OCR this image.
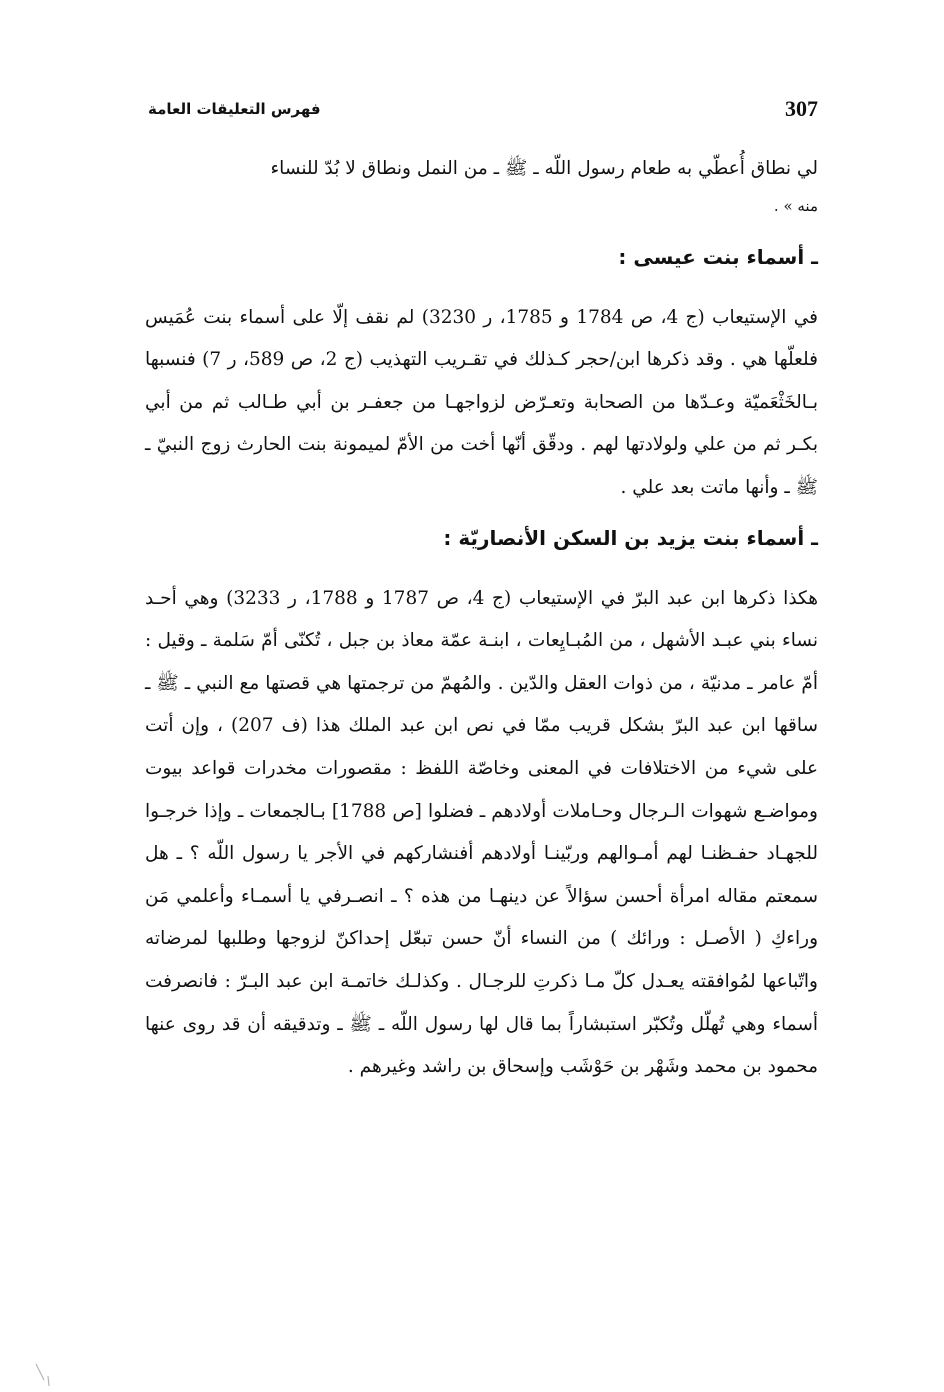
307
فهرس التعليقات العامة

لي نطاق أُعطّي به طعام رسول اللّه ـ ﷺ ـ من النمل ونطاق لا بُدّ للنساء

منه » .

ـ أسماء بنت عيسى :

في الإستيعاب (ج 4، ص 1784 و 1785، ر 3230) لم نقف إلّا على أسماء بنت عُمَيس فلعلّها هي . وقد ذكرها ابن/حجر كـذلك في تقـريب التهذيب (ج 2، ص 589، ر 7) فنسبها بـالخَثْعَميّة وعـدّها من الصحابة وتعـرّض لزواجهـا من جعفـر بن أبي طـالب ثم من أبي بكـر ثم من علي ولولادتها لهم . ودقّق أنّها أخت من الأمّ لميمونة بنت الحارث زوج النبيّ ـ ﷺ ـ وأنها ماتت بعد علي .

ـ أسماء بنت يزيد بن السكن الأنصاريّة :

هكذا ذكرها ابن عبد البرّ في الإستيعاب (ج 4، ص 1787 و 1788، ر 3233) وهي أحـد نساء بني عبـد الأشهل ، من المُبـايِعات ، ابنـة عمّة معاذ بن جبل ، تُكنّى أمّ سَلمة ـ وقيل : أمّ عامر ـ مدنيّة ، من ذوات العقل والدّين . والمُهمّ من ترجمتها هي قصتها مع النبي ـ ﷺ ـ ساقها ابن عبد البرّ بشكل قريب ممّا في نص ابن عبد الملك هذا (ف 207) ، وإن أتت على شيء من الاختلافات في المعنى وخاصّة اللفظ : مقصورات مخدرات قواعد بيوت ومواضـع شهوات الـرجال وحـاملات أولادهم ـ فضلوا [ص 1788] بـالجمعات ـ وإذا خرجـوا للجهـاد حفـظنـا لهم أمـوالهم وربّينـا أولادهم أفنشاركهم في الأجر يا رسول اللّه ؟ ـ هل سمعتم مقاله امرأة أحسن سؤالاً عن دينهـا من هذه ؟ ـ انصـرفي يا أسمـاء وأعلمي مَن وراءكِ ( الأصـل : ورائك ) من النساء أنّ حسن تبعّل إحداكنّ لزوجها وطلبها لمرضاته واتّباعها لمُوافقته يعـدل كلّ مـا ذكرتِ للرجـال . وكذلـك خاتمـة ابن عبد البـرّ : فانصرفت أسماء وهي تُهلّل وتُكبّر استبشاراً بما قال لها رسول اللّه ـ ﷺ ـ وتدقيقه أن قد روى عنها محمود بن محمد وشَهْر بن حَوْشَب وإسحاق بن راشد وغيرهم .
